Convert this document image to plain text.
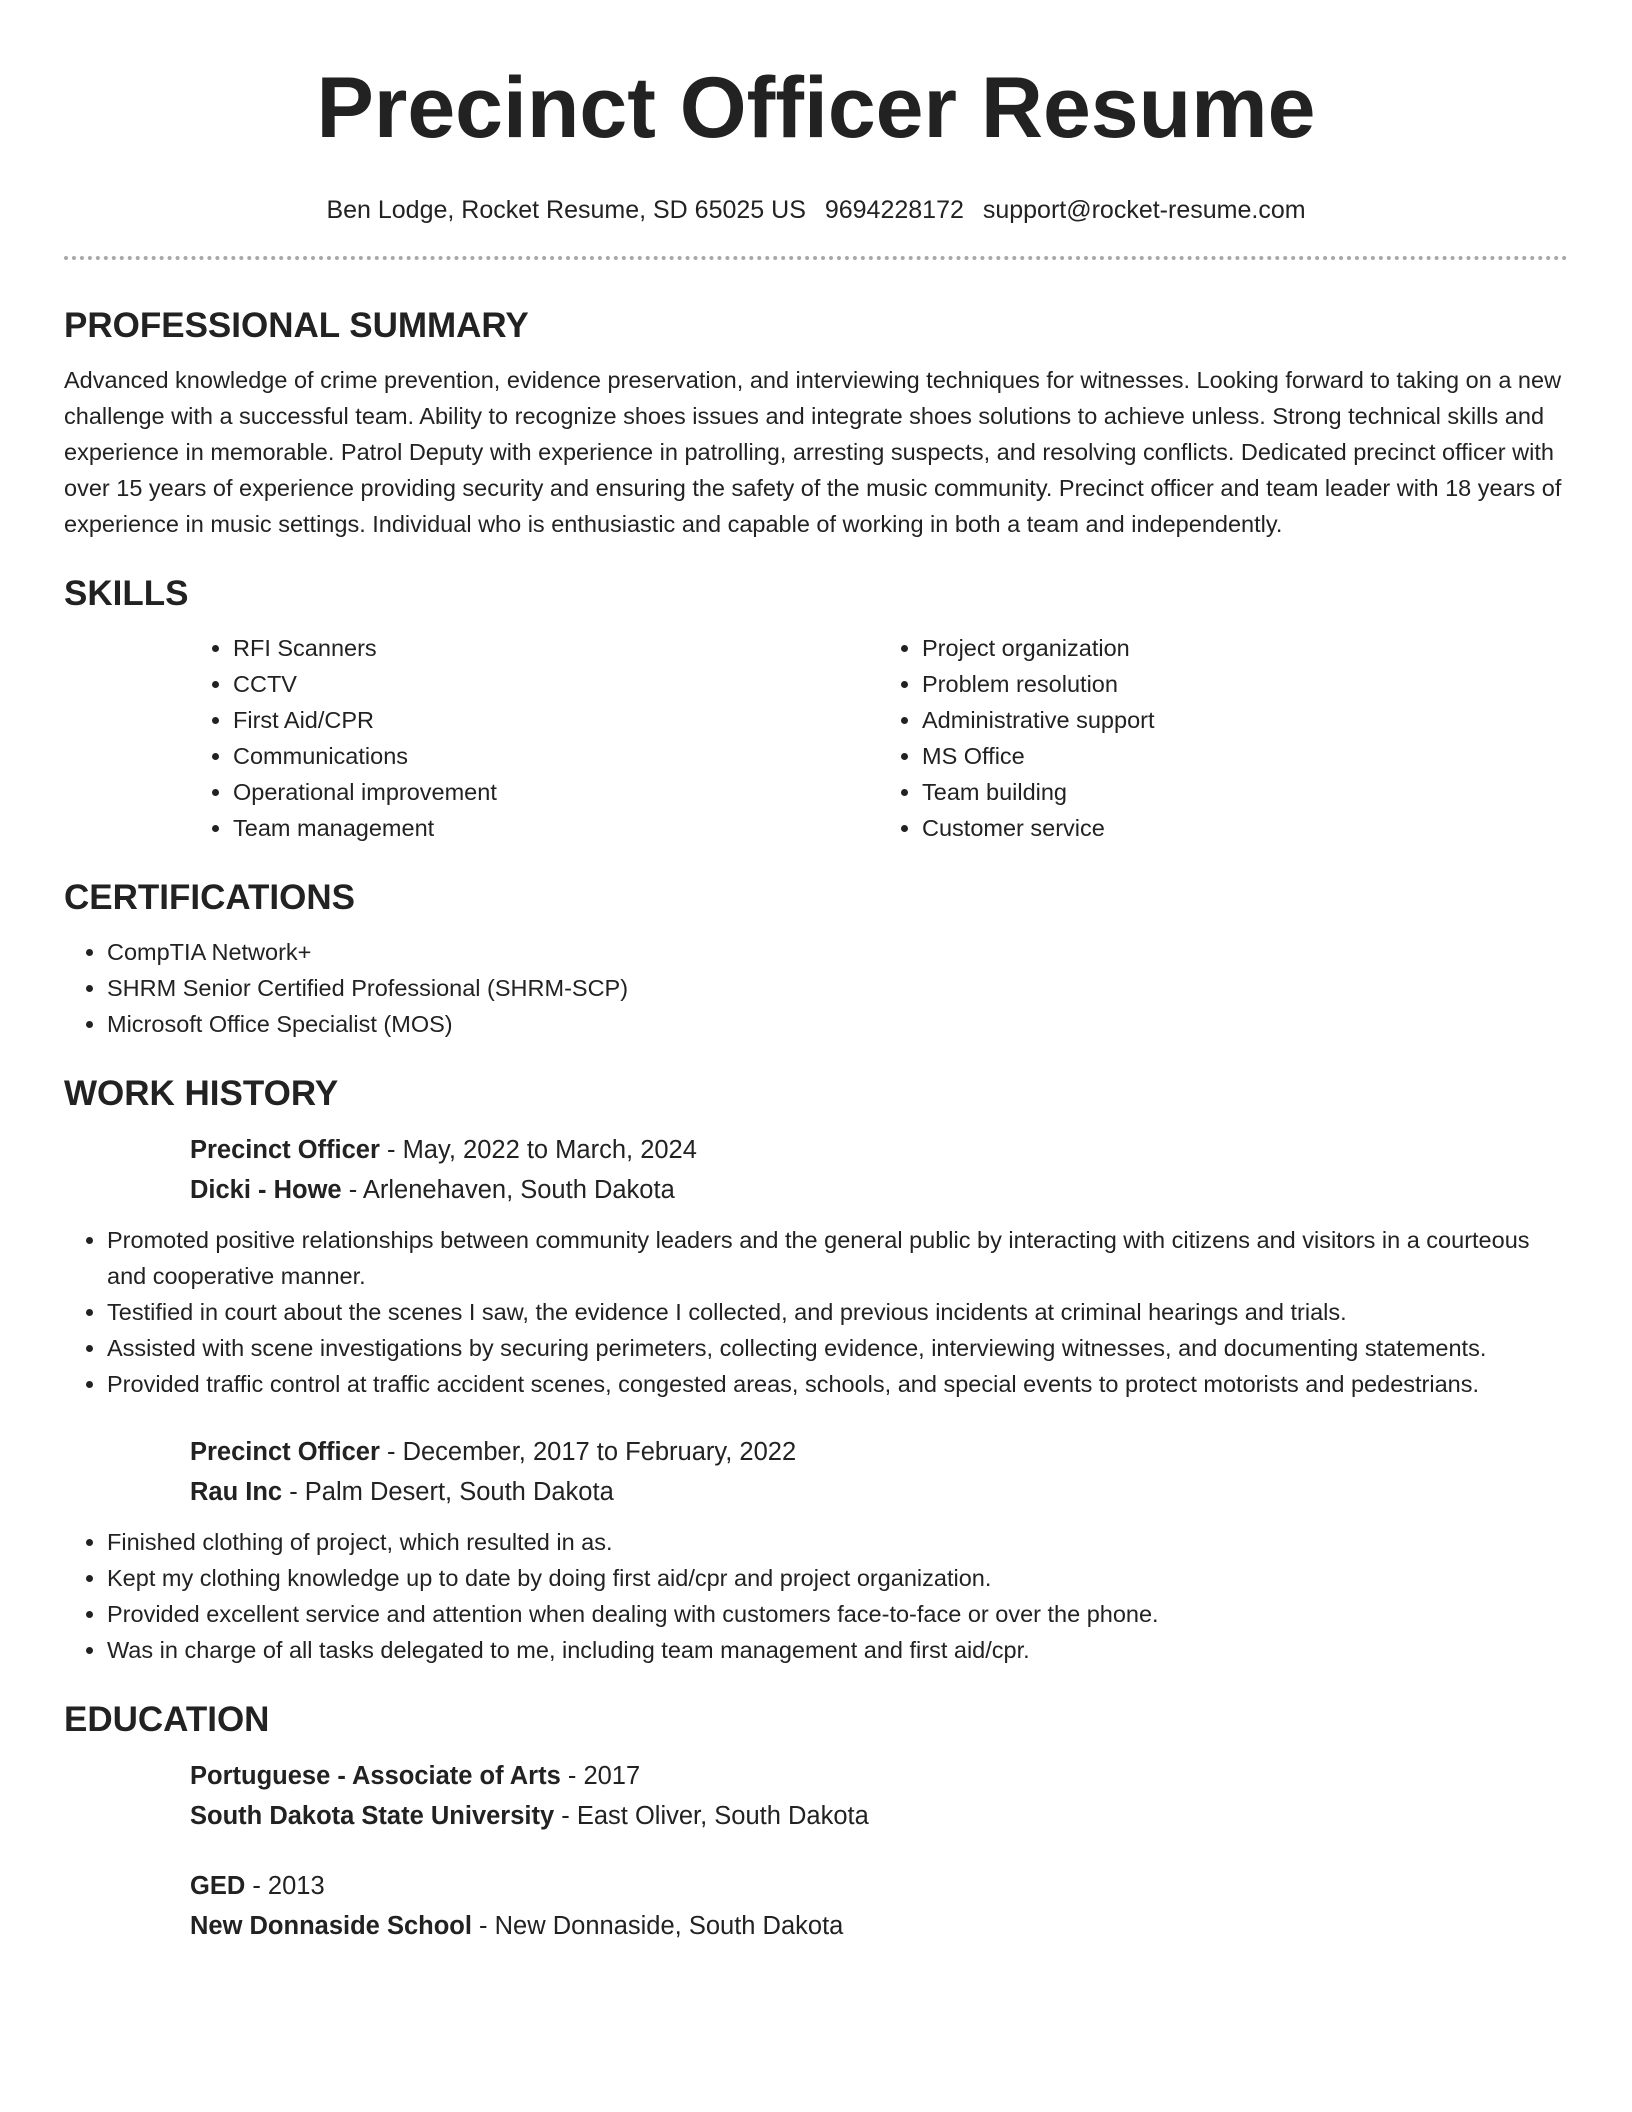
Precinct Officer Resume
Ben Lodge, Rocket Resume, SD 65025 US 9694228172 support@rocket-resume.com
PROFESSIONAL SUMMARY

Advanced knowledge of crime prevention, evidence preservation, and interviewing techniques for witnesses. Looking forward to taking on a new challenge with a successful team. Ability to recognize shoes issues and integrate shoes solutions to achieve unless. Strong technical skills and experience in memorable. Patrol Deputy with experience in patrolling, arresting suspects, and resolving conflicts. Dedicated precinct officer with over 15 years of experience providing security and ensuring the safety of the music community. Precinct officer and team leader with 18 years of experience in music settings. Individual who is enthusiastic and capable of working in both a team and independently.

SKILLS
• RFI Scanners
• CCTV
• First Aid/CPR
• Communications
• Operational improvement
• Team management
• Project organization
• Problem resolution
• Administrative support
• MS Office
• Team building
• Customer service
CERTIFICATIONS
• CompTIA Network+
• SHRM Senior Certified Professional (SHRM-SCP)
• Microsoft Office Specialist (MOS)
WORK HISTORY

Precinct Officer - May, 2022 to March, 2024

Dicki - Howe - Arlenehaven, South Dakota

• Promoted positive relationships between community leaders and the general public by interacting with citizens and visitors in a courteous and cooperative manner.
• Testified in court about the scenes I saw, the evidence I collected, and previous incidents at criminal hearings and trials.
• Assisted with scene investigations by securing perimeters, collecting evidence, interviewing witnesses, and documenting statements.
• Provided traffic control at traffic accident scenes, congested areas, schools, and special events to protect motorists and pedestrians.

Precinct Officer - December, 2017 to February, 2022

Rau Inc - Palm Desert, South Dakota

• Finished clothing of project, which resulted in as.
• Kept my clothing knowledge up to date by doing first aid/cpr and project organization.
• Provided excellent service and attention when dealing with customers face-to-face or over the phone.
• Was in charge of all tasks delegated to me, including team management and first aid/cpr.
EDUCATION

Portuguese - Associate of Arts - 2017

South Dakota State University - East Oliver, South Dakota

GED - 2013

New Donnaside School - New Donnaside, South Dakota
